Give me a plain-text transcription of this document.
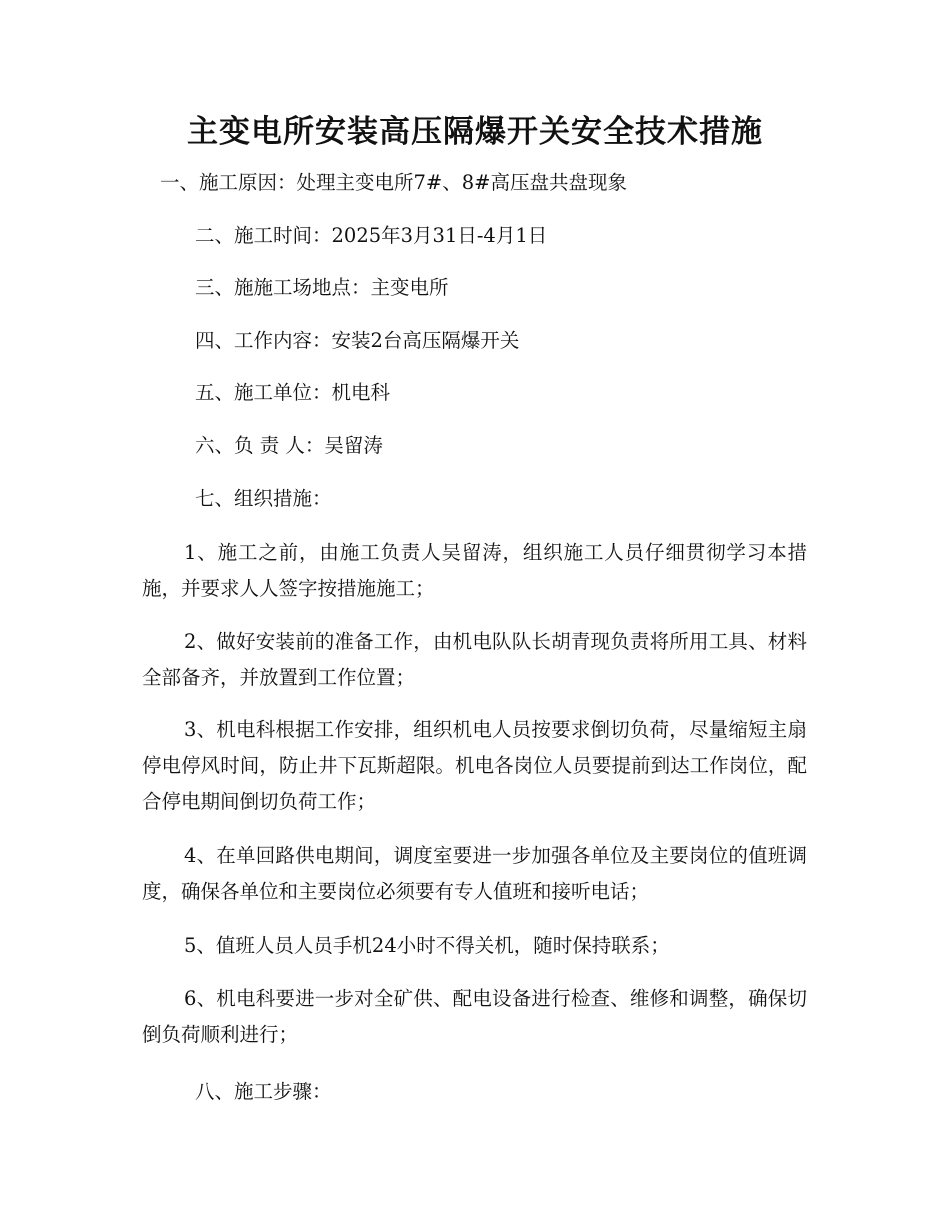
主变电所安装高压隔爆开关安全技术措施

一、施工原因：处理主变电所7#、8#高压盘共盘现象

二、施工时间：2025年3月31日-4月1日

三、施施工场地点：主变电所

四、工作内容：安装2台高压隔爆开关

五、施工单位：机电科

六、负 责 人：吴留涛

七、组织措施：

1、施工之前，由施工负责人吴留涛，组织施工人员仔细贯彻学习本措施，并要求人人签字按措施施工；

2、做好安装前的准备工作，由机电队队长胡青现负责将所用工具、材料全部备齐，并放置到工作位置；

3、机电科根据工作安排，组织机电人员按要求倒切负荷，尽量缩短主扇停电停风时间，防止井下瓦斯超限。机电各岗位人员要提前到达工作岗位，配合停电期间倒切负荷工作；

4、在单回路供电期间，调度室要进一步加强各单位及主要岗位的值班调度，确保各单位和主要岗位必须要有专人值班和接听电话；

5、值班人员人员手机24小时不得关机，随时保持联系；

6、机电科要进一步对全矿供、配电设备进行检查、维修和调整，确保切倒负荷顺利进行；

八、施工步骤：
